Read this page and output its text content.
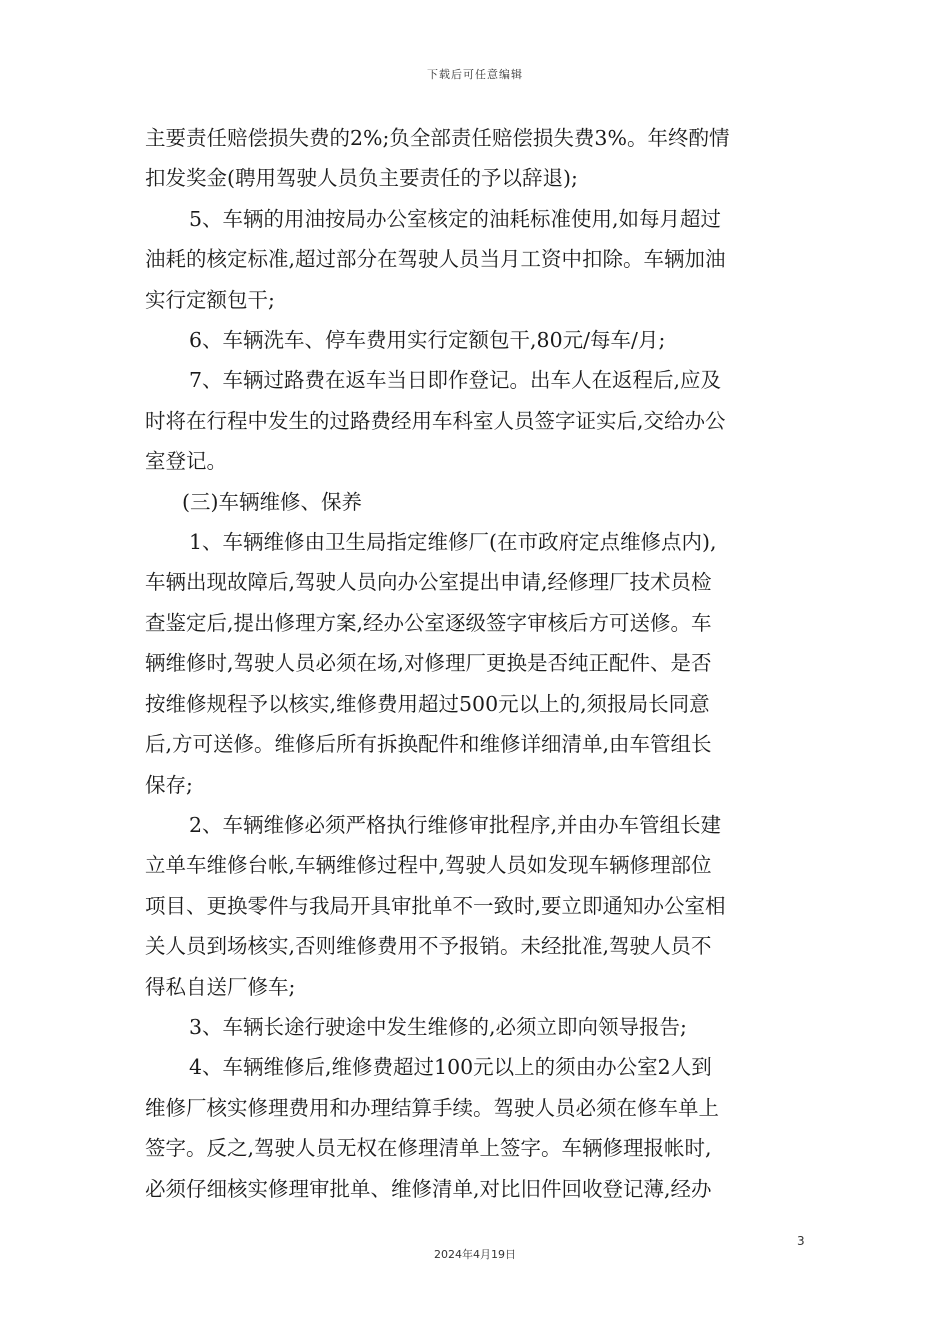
下载后可任意编辑

主要责任赔偿损失费的2%;负全部责任赔偿损失费3%。年终酌情
扣发奖金(聘用驾驶人员负主要责任的予以辞退);

5、车辆的用油按局办公室核定的油耗标准使用,如每月超过
油耗的核定标准,超过部分在驾驶人员当月工资中扣除。车辆加油
实行定额包干;

6、车辆洗车、停车费用实行定额包干,80元/每车/月;

7、车辆过路费在返车当日即作登记。出车人在返程后,应及
时将在行程中发生的过路费经用车科室人员签字证实后,交给办公
室登记。

(三)车辆维修、保养

1、车辆维修由卫生局指定维修厂(在市政府定点维修点内),
车辆出现故障后,驾驶人员向办公室提出申请,经修理厂技术员检
查鉴定后,提出修理方案,经办公室逐级签字审核后方可送修。车
辆维修时,驾驶人员必须在场,对修理厂更换是否纯正配件、是否
按维修规程予以核实,维修费用超过500元以上的,须报局长同意
后,方可送修。维修后所有拆换配件和维修详细清单,由车管组长
保存;

2、车辆维修必须严格执行维修审批程序,并由办车管组长建
立单车维修台帐,车辆维修过程中,驾驶人员如发现车辆修理部位
项目、更换零件与我局开具审批单不一致时,要立即通知办公室相
关人员到场核实,否则维修费用不予报销。未经批准,驾驶人员不
得私自送厂修车;

3、车辆长途行驶途中发生维修的,必须立即向领导报告;

4、车辆维修后,维修费超过100元以上的须由办公室2人到
维修厂核实修理费用和办理结算手续。驾驶人员必须在修车单上
签字。反之,驾驶人员无权在修理清单上签字。车辆修理报帐时,
必须仔细核实修理审批单、维修清单,对比旧件回收登记薄,经办

3
2024年4月19日
